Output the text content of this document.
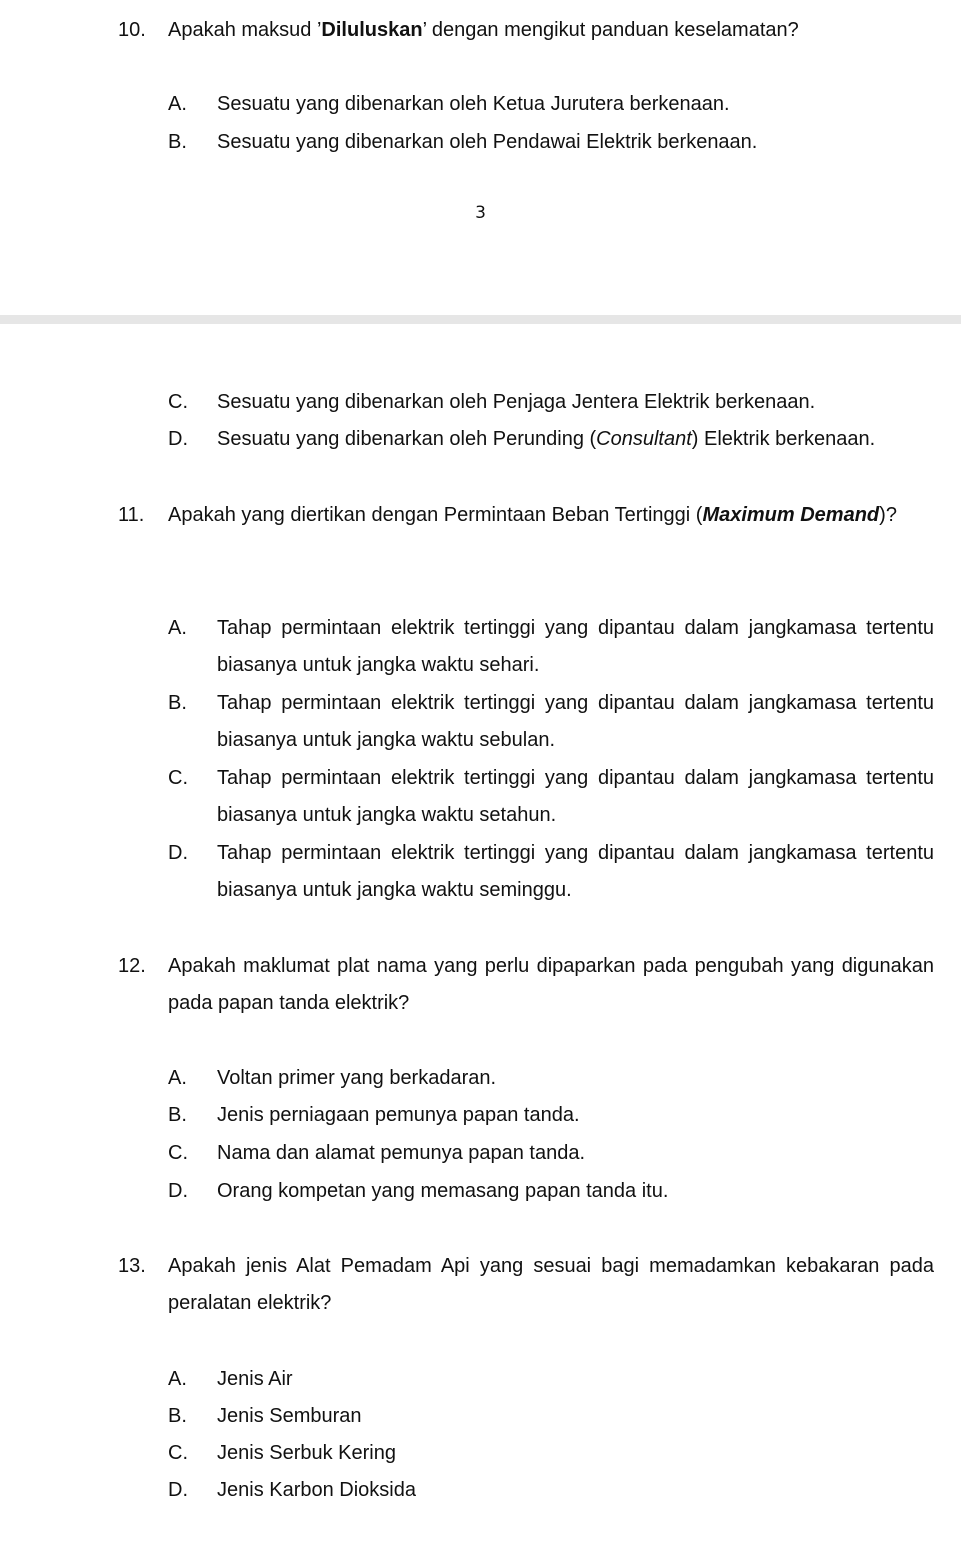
10. Apakah maksud ’Diluluskan’ dengan mengikut panduan keselamatan?
A. Sesuatu yang dibenarkan oleh Ketua Jurutera berkenaan.
B. Sesuatu yang dibenarkan oleh Pendawai Elektrik berkenaan.
3
C. Sesuatu yang dibenarkan oleh Penjaga Jentera Elektrik berkenaan.
D. Sesuatu yang dibenarkan oleh Perunding (Consultant) Elektrik berkenaan.
11. Apakah yang diertikan dengan Permintaan Beban Tertinggi (Maximum Demand)?
A. Tahap permintaan elektrik tertinggi yang dipantau dalam jangkamasa tertentu biasanya untuk jangka waktu sehari.
B. Tahap permintaan elektrik tertinggi yang dipantau dalam jangkamasa tertentu biasanya untuk jangka waktu sebulan.
C. Tahap permintaan elektrik tertinggi yang dipantau dalam jangkamasa tertentu biasanya untuk jangka waktu setahun.
D. Tahap permintaan elektrik tertinggi yang dipantau dalam jangkamasa tertentu biasanya untuk jangka waktu seminggu.
12. Apakah maklumat plat nama yang perlu dipaparkan pada pengubah yang digunakan pada papan tanda elektrik?
A. Voltan primer yang berkadaran.
B. Jenis perniagaan pemunya papan tanda.
C. Nama dan alamat pemunya papan tanda.
D. Orang kompetan yang memasang papan tanda itu.
13. Apakah jenis Alat Pemadam Api yang sesuai bagi memadamkan kebakaran pada peralatan elektrik?
A. Jenis Air
B. Jenis Semburan
C. Jenis Serbuk Kering
D. Jenis Karbon Dioksida
